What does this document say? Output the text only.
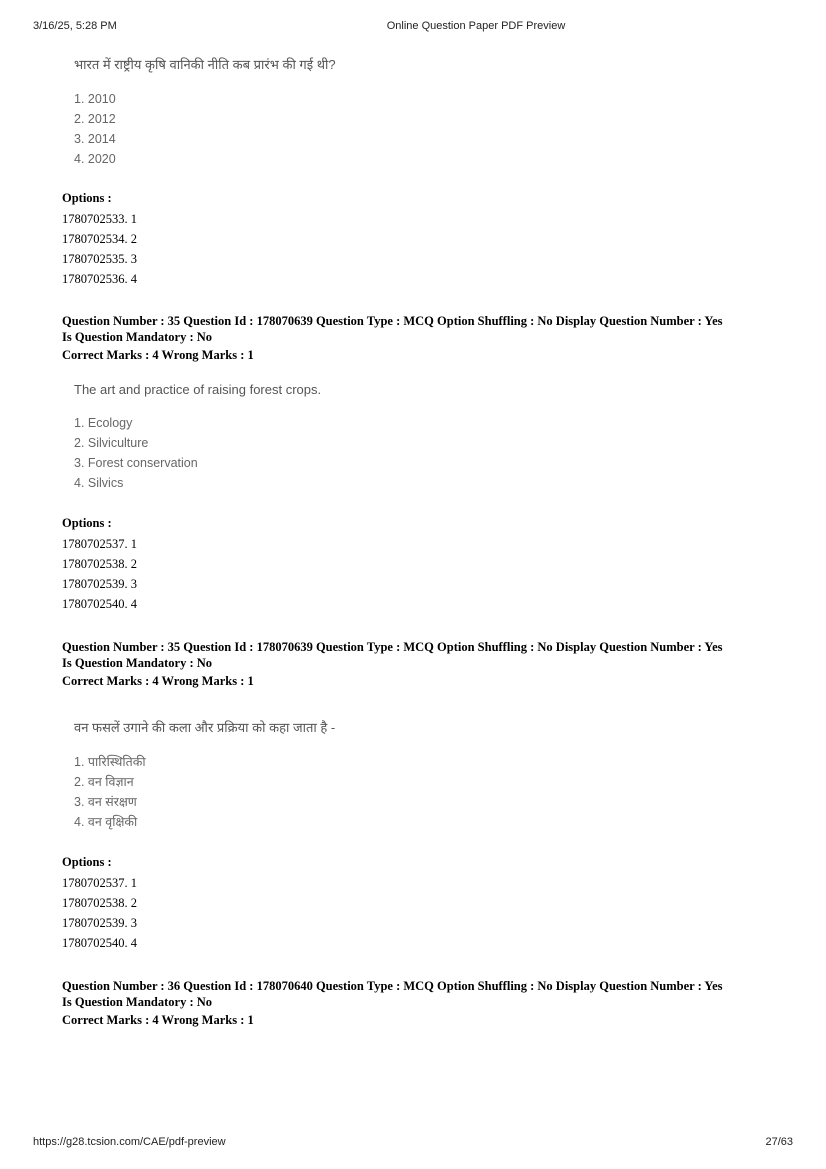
3/16/25, 5:28 PM	Online Question Paper PDF Preview
भारत में राष्ट्रीय कृषि वानिकी नीति कब प्रारंभ की गई थी?
1. 2010
2. 2012
3. 2014
4. 2020
Options :
1780702533. 1
1780702534. 2
1780702535. 3
1780702536. 4
Question Number : 35 Question Id : 178070639 Question Type : MCQ Option Shuffling : No Display Question Number : Yes
Is Question Mandatory : No
Correct Marks : 4 Wrong Marks : 1
The art and practice of raising forest crops.
1. Ecology
2. Silviculture
3. Forest conservation
4. Silvics
Options :
1780702537. 1
1780702538. 2
1780702539. 3
1780702540. 4
Question Number : 35 Question Id : 178070639 Question Type : MCQ Option Shuffling : No Display Question Number : Yes
Is Question Mandatory : No
Correct Marks : 4 Wrong Marks : 1
वन फसलें उगाने की कला और प्रक्रिया को कहा जाता है -
1. पारिस्थितिकी
2. वन विज्ञान
3. वन संरक्षण
4. वन वृक्षिकी
Options :
1780702537. 1
1780702538. 2
1780702539. 3
1780702540. 4
Question Number : 36 Question Id : 178070640 Question Type : MCQ Option Shuffling : No Display Question Number : Yes
Is Question Mandatory : No
Correct Marks : 4 Wrong Marks : 1
https://g28.tcsion.com/CAE/pdf-preview	27/63
